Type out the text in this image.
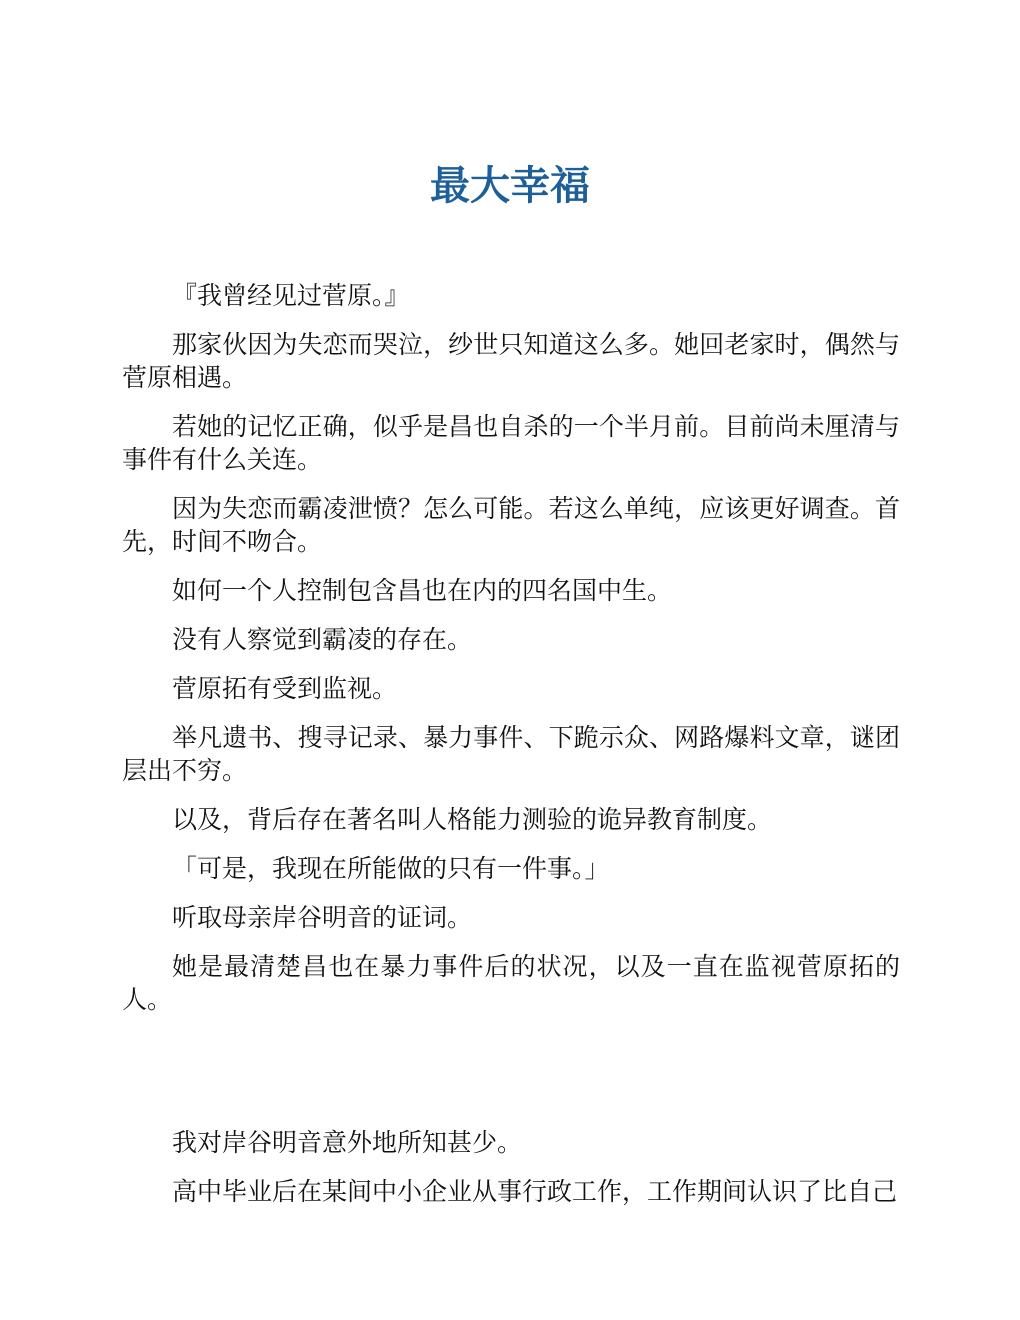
最大幸福

『我曾经见过菅原。』

那家伙因为失恋而哭泣，纱世只知道这么多。她回老家时，偶然与菅原相遇。

若她的记忆正确，似乎是昌也自杀的一个半月前。目前尚未厘清与事件有什么关连。

因为失恋而霸凌泄愤？怎么可能。若这么单纯，应该更好调查。首先，时间不吻合。

如何一个人控制包含昌也在内的四名国中生。

没有人察觉到霸凌的存在。

菅原拓有受到监视。

举凡遗书、搜寻记录、暴力事件、下跪示众、网路爆料文章，谜团层出不穷。

以及，背后存在著名叫人格能力测验的诡异教育制度。

「可是，我现在所能做的只有一件事。」

听取母亲岸谷明音的证词。

她是最清楚昌也在暴力事件后的状况，以及一直在监视菅原拓的人。

我对岸谷明音意外地所知甚少。

高中毕业后在某间中小企业从事行政工作，工作期间认识了比自己
